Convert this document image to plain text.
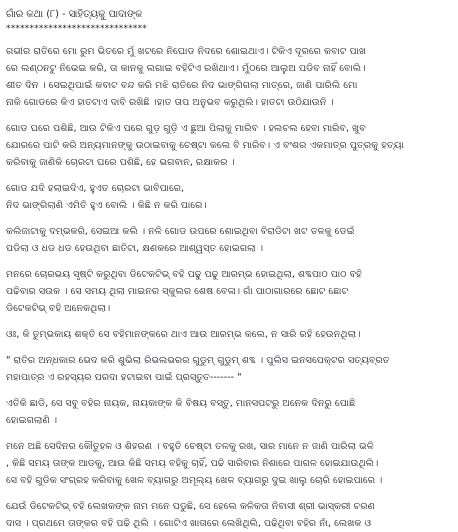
ଗାଁର କଥା (୮) - ସାହିତ୍ୟକୁ ପାଦାଙ୍କ
******************************
ଗଭୀର ରାତିରେ ମୋ ରୁମ ଭିତରେ ମୁଁ ଖଟରେ ନିଘୋଡ ନିଦରେ ଶୋଇଥାଏ। ଟିକିଏ ଦୂରରେ କବାଟ ପାଖ
ରେ ଲଣ୍ଠନଟୁ ନିଭେଇ କରି, ତା କାନକୁ ଲଗାଇ ବହିଟିଏ ରଖିଥାଏ। ମୁଁଠରେ ଆଲୁଅ ପଡିବ ନାହିଁ ବୋଲି।
ଶୀତ ଦିନ । ସେଇଥିପାଇଁ କବାଟ ବନ୍ଦ କରି ମଝି ରାତିରେ ନିଦ ଭାଙ୍ଗିଗଲା ମାତ୍ରେ, ଜାଣି ପାରିଲି ମୋ
ନାକି ଗୋଡରେ କିଏ ହାତଟାଏ ଦାବି ରଖିଛି ।ହାତ ତାପ ଅନୁଭବ କରୁଥିଲି। ହାତଟା ଉଠିଯାଉନି ।
ଗୋଡ ଘରେ ପଶିଛି, ଆଉ ଟିକିଏ ପରେ ଗୁଡ଼ ଗୁଡ଼ି ଏ ଛୁଆ ପିଲାକୁ ମାରିବ । ହଲଚଲ ହେବା ମାରିବ, ଖୁବ
ଯୋରରେ ପାଟି କରି ଅନ୍ୟମାନଙ୍କୁ ଉଠାଇବାକୁ ଚେଷ୍ଟା କଲେ ବି ମାରିବ। ଏ ବଂଶର ଏକମାତ୍ର ପୁତ୍ରକୁ ହତ୍ୟା
କରିବାକୁ ଜାଣିକି ଚୋରଟା ଘରେ ପଶିଛି, ହେ ଭଗବାନ, ରକ୍ଷାକର ।
ଗୋଡ ଯଦି ହଲାଇଦିଏ, ହୁଏତ ଚୋରଟା ଭାବିପାରେ,
ନିଦ ଭାଙ୍ଗିଲାଣି ଏମିତି ହୁଏ ବୋଲି । କିଛି ନ କରି ପାରେ।
କଲିଜାଟାକୁ ଦମ୍ଭକରି, ସେଇଆ କଲି । ନଳି ଗୋଡ ଉପରେ ଶୋଇଥିବା ବିରାଡିଟା ଖଟ ତଳକୁ ଡେଇଁ
ପଡିଲା ଓ ଧଡ ଧଡ ହେଉଥିବା ଛାତିଟା, କ୍ଷଣକରେ ଆଶ୍ୱସ୍ତ ହୋଇଗଲା ।
ମନରେ ଚୋରଭୟ ସୃଷ୍ଟି କରୁଥିବା ଡିଟେକଟିଭ୍ ବହି ପଢୁ ପଢୁ ଆରମ୍ଭ ହୋଇଥିଲା, ଶବ୍ଦପାଠ ପାଠ ବହି
ପଢିବାର ସଉକ । ସେ ସମୟ ଥିଲା ମାଇନର ସ୍କୁଲର ଶେଷ ବେଳା। ଗାଁ ପାଠାଗାରରେ ଛୋଟ ଛୋଟ
ଡିଟେକଟିଭ୍ ବହି ଅନେକଥିଲା।
ଓଃ, କି ତୁମ୍ଭକାୟ ଶକ୍ତି ସେ ବହିମାନଙ୍କରେ ଥାଏ ଆଉ ଆରମ୍ଭ କଲେ, ନ ସାରି ରହି ହେଉନଥିଲା।
" ରାତିର ଅନ୍ଧକାର ଭେଦ କରି ଶୁଭିଲା ରିଭଲଭରର ଗୁଡୁମ୍ ଗୁଡୁମ୍ ଶବ୍ଦ । ପୁଲିସ ଇନସପେକ୍ଟର ସତ୍ୟବ୍ରତ
ମହାପାତ୍ର ଏ ରହସ୍ୟର ପରଦା ହଟାଇବା ପାଇଁ ପ୍ରସ୍ତୁତ------- "
ଏତିକି ଛାଡି, ସେ ସବୁ ବହିର ନାୟକ, ନାୟକାଙ୍କ କି ବିଷୟ ବସ୍ତୁ, ମାନସପଟରୁ ଅନେକ ଦିନରୁ ପୋଛି
ହୋଇଗଲାଣି ।
ମନେ ଅଛି ସେଦିନର କୌତୁହଳ ଓ ଶିହରଣ । ବହୁତି ଚେଷ୍ଟା ତଳକୁ ରଖ, ସାର ମାନେ ନ ଜାଣି ପାରିଲା ଭଳି
, କିଛି ସମୟ ତାଙ୍କ ଆଡକୁ, ଆଉ କିଛି ସମୟ ବହିକୁ ଚାହିଁ, ପଢି ସାରିବାର ନିଶାରେ ପାଗଳ ହୋଇଯାଉଥିଲି।
ସେ ବହି ଗୁଡିକ ସଂଗ୍ରହ କରିବାକୁ ଖେଳ ବ୍ୟାଗରୁ ଅମୂଲ୍ୟ ଖେଳ ବ୍ୟାଗରୁ ଦୁଇ ଖାଲୁ ଚୋରି ହୋଇପାରେ ।
ଯେଉଁ ଡିଟେକଟିଭ୍ ବହି ଲେଖକଙ୍କ ନାମ ମନେ ପଡୁଛି, ସେ ହେଲେ କଳିକତା ନିବାସୀ ଶ୍ରୀ ଭାସ୍କରୀ ଚରଣ
ଦାସ । ପ୍ରଥମେ ତାଙ୍କର ବହି ପଢି ଥିଲି । ଗୋଟିଏ ଖାତାରେ ଲେଖିଥିଲି, ପଢିଥିବା ବହିର ନାଁ, ଲେଖକ ଓ
